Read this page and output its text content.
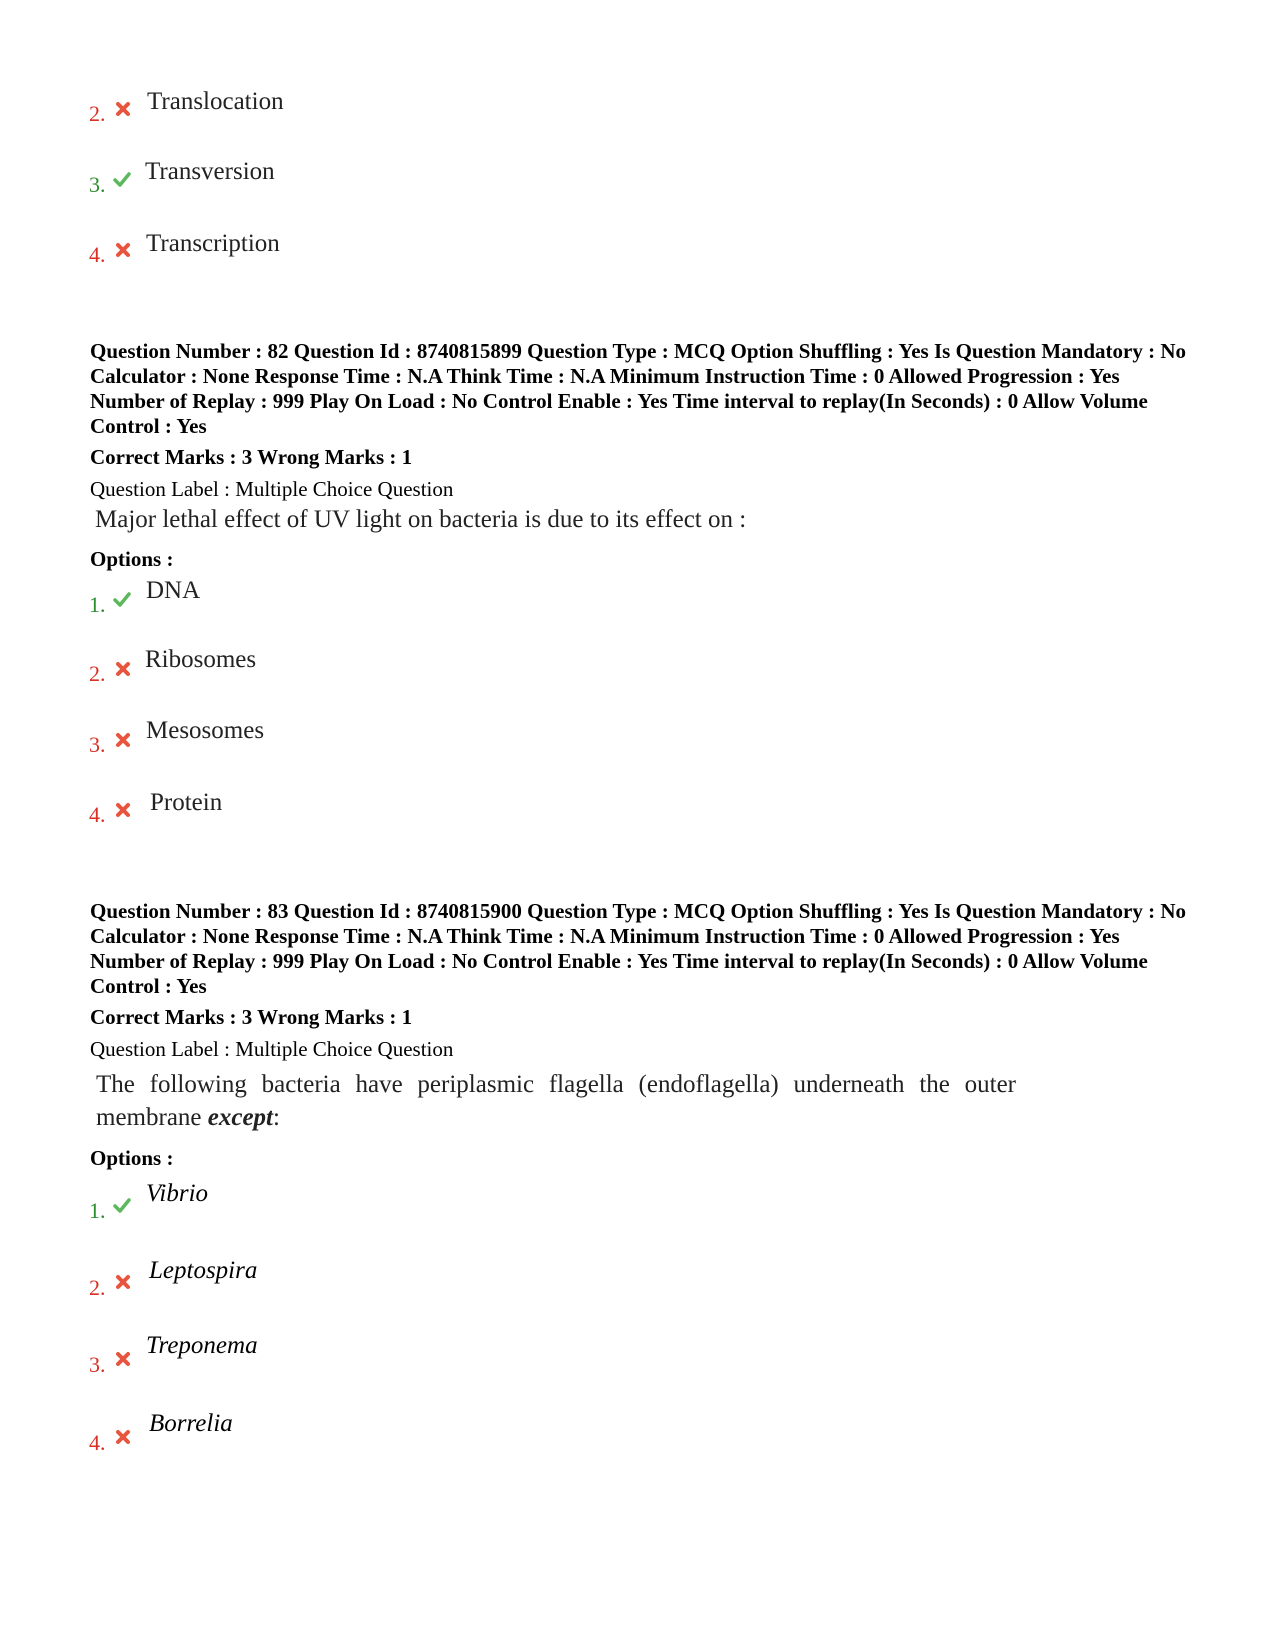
2. Translocation
3. Transversion
4. Transcription
Question Number : 82 Question Id : 8740815899 Question Type : MCQ Option Shuffling : Yes Is Question Mandatory : No Calculator : None Response Time : N.A Think Time : N.A Minimum Instruction Time : 0 Allowed Progression : Yes Number of Replay : 999 Play On Load : No Control Enable : Yes Time interval to replay(In Seconds) : 0 Allow Volume Control : Yes
Correct Marks : 3 Wrong Marks : 1
Question Label : Multiple Choice Question
Major lethal effect of UV light on bacteria is due to its effect on :
Options :
1.
DNA
2.
Ribosomes
3.
Mesosomes
4. Protein
Question Number : 83 Question Id : 8740815900 Question Type : MCQ Option Shuffling : Yes Is Question Mandatory : No Calculator : None Response Time : N.A Think Time : N.A Minimum Instruction Time : 0 Allowed Progression : Yes Number of Replay : 999 Play On Load : No Control Enable : Yes Time interval to replay(In Seconds) : 0 Allow Volume Control : Yes
Correct Marks : 3 Wrong Marks : 1
Question Label : Multiple Choice Question
The following bacteria have periplasmic flagella (endoflagella) underneath the outer
membrane except:
Options :
1.
Vibrio
2.
Leptospira
3.
Treponema
4.
Borrelia
